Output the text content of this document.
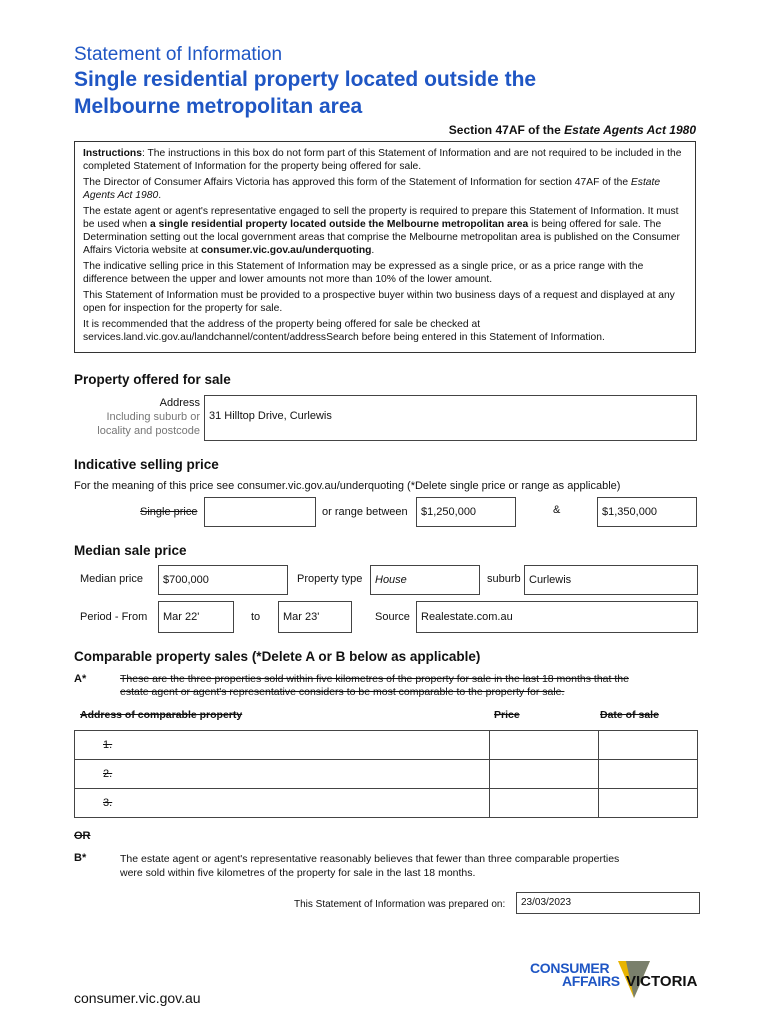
Statement of Information
Single residential property located outside the
Melbourne metropolitan area
Section 47AF of the Estate Agents Act 1980

Instructions: The instructions in this box do not form part of this Statement of Information and are not required to be included in the completed Statement of Information for the property being offered for sale.

The Director of Consumer Affairs Victoria has approved this form of the Statement of Information for section 47AF of the Estate Agents Act 1980.

The estate agent or agent's representative engaged to sell the property is required to prepare this Statement of Information. It must be used when a single residential property located outside the Melbourne metropolitan area is being offered for sale. The Determination setting out the local government areas that comprise the Melbourne metropolitan area is published on the Consumer Affairs Victoria website at consumer.vic.gov.au/underquoting.

The indicative selling price in this Statement of Information may be expressed as a single price, or as a price range with the difference between the upper and lower amounts not more than 10% of the lower amount.

This Statement of Information must be provided to a prospective buyer within two business days of a request and displayed at any open for inspection for the property for sale.

It is recommended that the address of the property being offered for sale be checked at services.land.vic.gov.au/landchannel/content/addressSearch before being entered in this Statement of Information.

Property offered for sale
Address
Including suburb or
locality and postcode
31 Hilltop Drive, Curlewis
Indicative selling price
For the meaning of this price see consumer.vic.gov.au/underquoting (*Delete single price or range as applicable)
Single price	or range between	$1,250,000	&	$1,350,000
Median sale price
Median price	$700,000	Property type	House	suburb Curlewis
Period - From	Mar 22'	to	Mar 23'	Source	Realestate.com.au
Comparable property sales (*Delete A or B below as applicable)
A*	These are the three properties sold within five kilometres of the property for sale in the last 18 months that the
estate agent or agent's representative considers to be most comparable to the property for sale.
Address of comparable property	Price	Date of sale
1.		
2.		
3.		
OR
B*	The estate agent or agent's representative reasonably believes that fewer than three comparable properties
were sold within five kilometres of the property for sale in the last 18 months.
This Statement of Information was prepared on:	23/03/2023
CONSUMER
AFFAIRS VICTORIA
consumer.vic.gov.au
